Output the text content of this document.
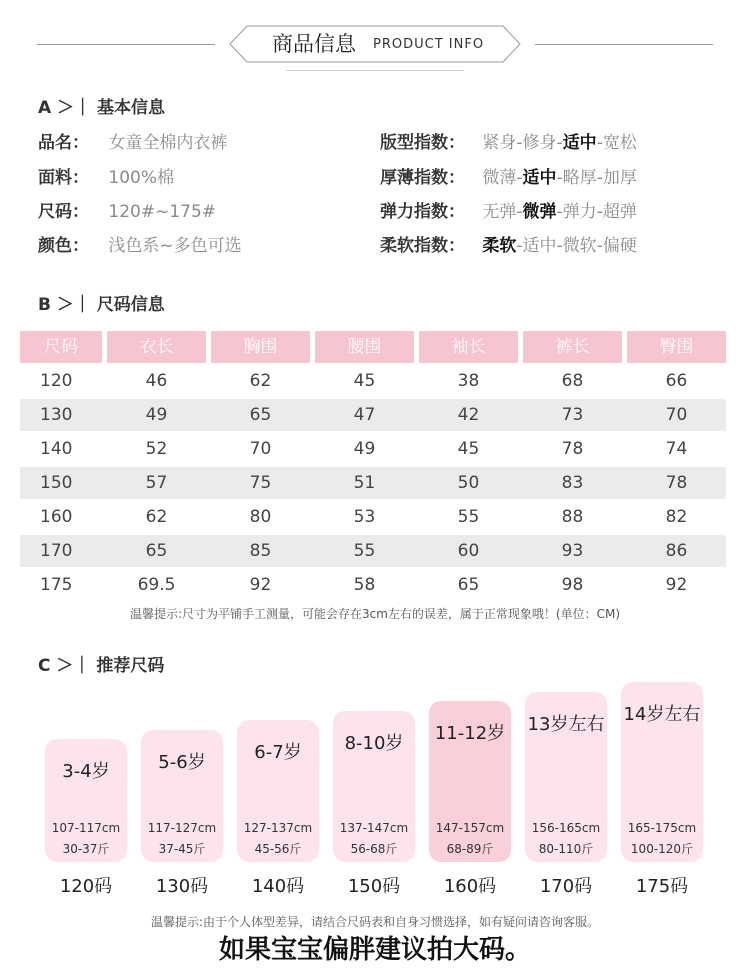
商品信息 PRODUCT INFO
A ＞｜ 基本信息
品名： 女童全棉内衣裤
面料： 100%棉
尺码： 120#~175#
颜色： 浅色系~多色可选
版型指数： 紧身-修身-适中-宽松
厚薄指数： 微薄-适中-略厚-加厚
弹力指数： 无弹-微弹-弹力-超弹
柔软指数： 柔软-适中-微软-偏硬
B ＞｜ 尺码信息
尺码	衣长	胸围	腰围	袖长	裤长	臀围
120	46	62	45	38	68	66
130	49	65	47	42	73	70
140	52	70	49	45	78	74
150	57	75	51	50	83	78
160	62	80	53	55	88	82
170	65	85	55	60	93	86
175	69.5	92	58	65	98	92
温馨提示:尺寸为平铺手工测量，可能会存在3cm左右的误差，属于正常现象哦！(单位：CM)
C ＞｜ 推荐尺码
3-4岁
107-117cm
30-37斤
120码
5-6岁
117-127cm
37-45斤
130码
6-7岁
127-137cm
45-56斤
140码
8-10岁
137-147cm
56-68斤
150码
11-12岁
147-157cm
68-89斤
160码
13岁左右
156-165cm
80-110斤
170码
14岁左右
165-175cm
100-120斤
175码
温馨提示:由于个人体型差异，请结合尺码表和自身习惯选择，如有疑问请咨询客服。
如果宝宝偏胖建议拍大码。
